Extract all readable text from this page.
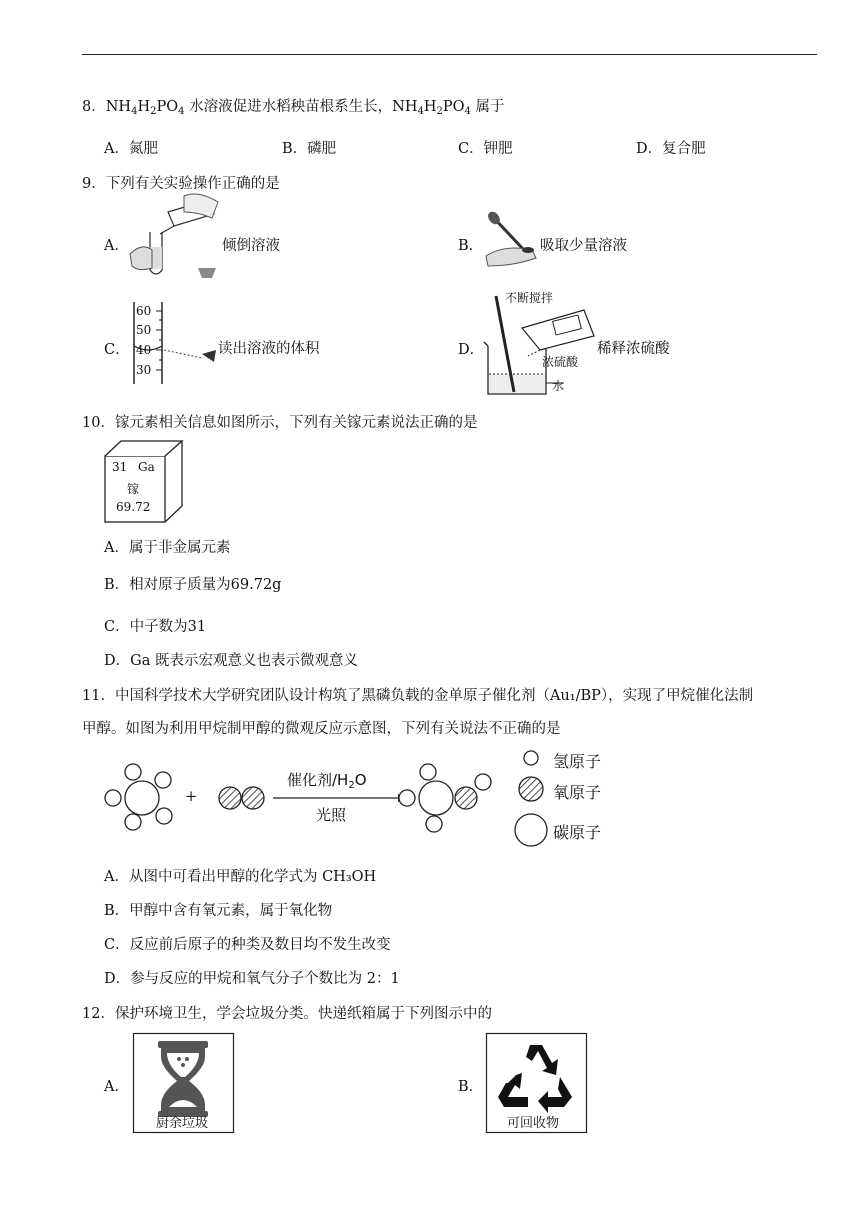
8．$NH_4H_2PO_4$ 水溶液促进水稻秧苗根系生长，$NH_4H_2PO_4$ 属于
A．氮肥	B．磷肥	C．钾肥	D．复合肥
9．下列有关实验操作正确的是
A．	倾倒溶液	B．	吸取少量溶液
C．
60
50
40
30
读出溶液的体积	D．
不断搅拌
浓硫酸
水
稀释浓硫酸
10．镓元素相关信息如图所示，下列有关镓元素说法正确的是
31 Ga
镓
69.72
A．属于非金属元素
B．相对原子质量为69.72g
C．中子数为31
D．Ga 既表示宏观意义也表示微观意义
11．中国科学技术大学研究团队设计构筑了黑磷负载的金单原子催化剂（Au₁/BP），实现了甲烷催化法制
甲醇。如图为利用甲烷制甲醇的微观反应示意图，下列有关说法不正确的是
+
催化剂$/H_2O$
光照
氢原子
氧原子
碳原子
A．从图中可看出甲醇的化学式为 CH₃OH
B．甲醇中含有氧元素，属于氧化物
C．反应前后原子的种类及数目均不发生改变
D．参与反应的甲烷和氧气分子个数比为 2：1
12．保护环境卫生，学会垃圾分类。快递纸箱属于下列图示中的
A．
厨余垃圾
B．
可回收物
